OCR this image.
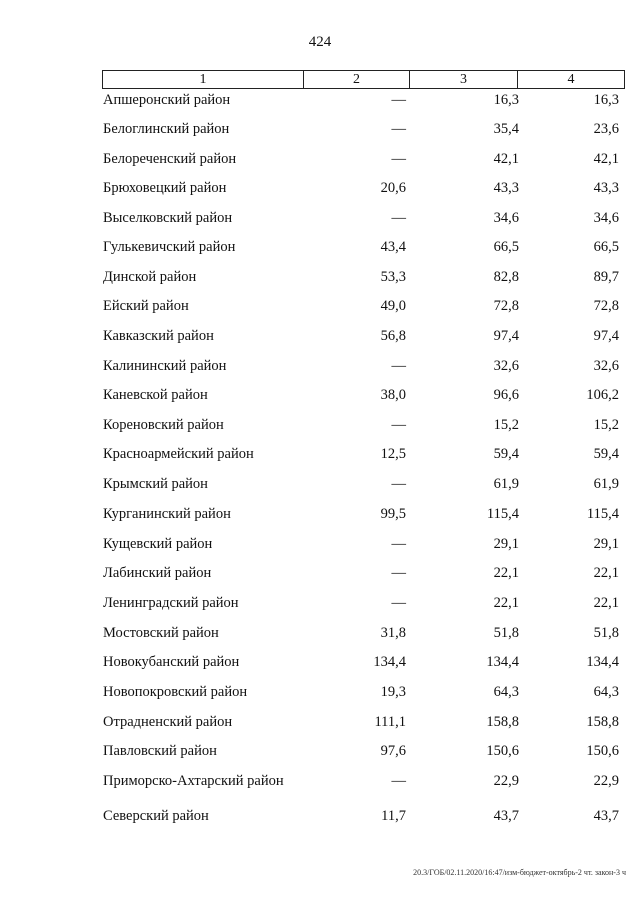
424
1	2	3	4
Апшеронский район	—	16,3	16,3
Белоглинский район	—	35,4	23,6
Белореченский район	—	42,1	42,1
Брюховецкий район	20,6	43,3	43,3
Выселковский район	—	34,6	34,6
Гулькевичский район	43,4	66,5	66,5
Динской район	53,3	82,8	89,7
Ейский район	49,0	72,8	72,8
Кавказский район	56,8	97,4	97,4
Калининский район	—	32,6	32,6
Каневской район	38,0	96,6	106,2
Кореновский район	—	15,2	15,2
Красноармейский район	12,5	59,4	59,4
Крымский район	—	61,9	61,9
Курганинский район	99,5	115,4	115,4
Кущевский район	—	29,1	29,1
Лабинский район	—	22,1	22,1
Ленинградский район	—	22,1	22,1
Мостовский район	31,8	51,8	51,8
Новокубанский район	134,4	134,4	134,4
Новопокровский район	19,3	64,3	64,3
Отрадненский район	111,1	158,8	158,8
Павловский район	97,6	150,6	150,6
Приморско-Ахтарский район	—	22,9	22,9
Северский район	11,7	43,7	43,7
20.3/ГОБ/02.11.2020/16:47/изм-бюджет-октябрь-2 чт. закон-3 ч
